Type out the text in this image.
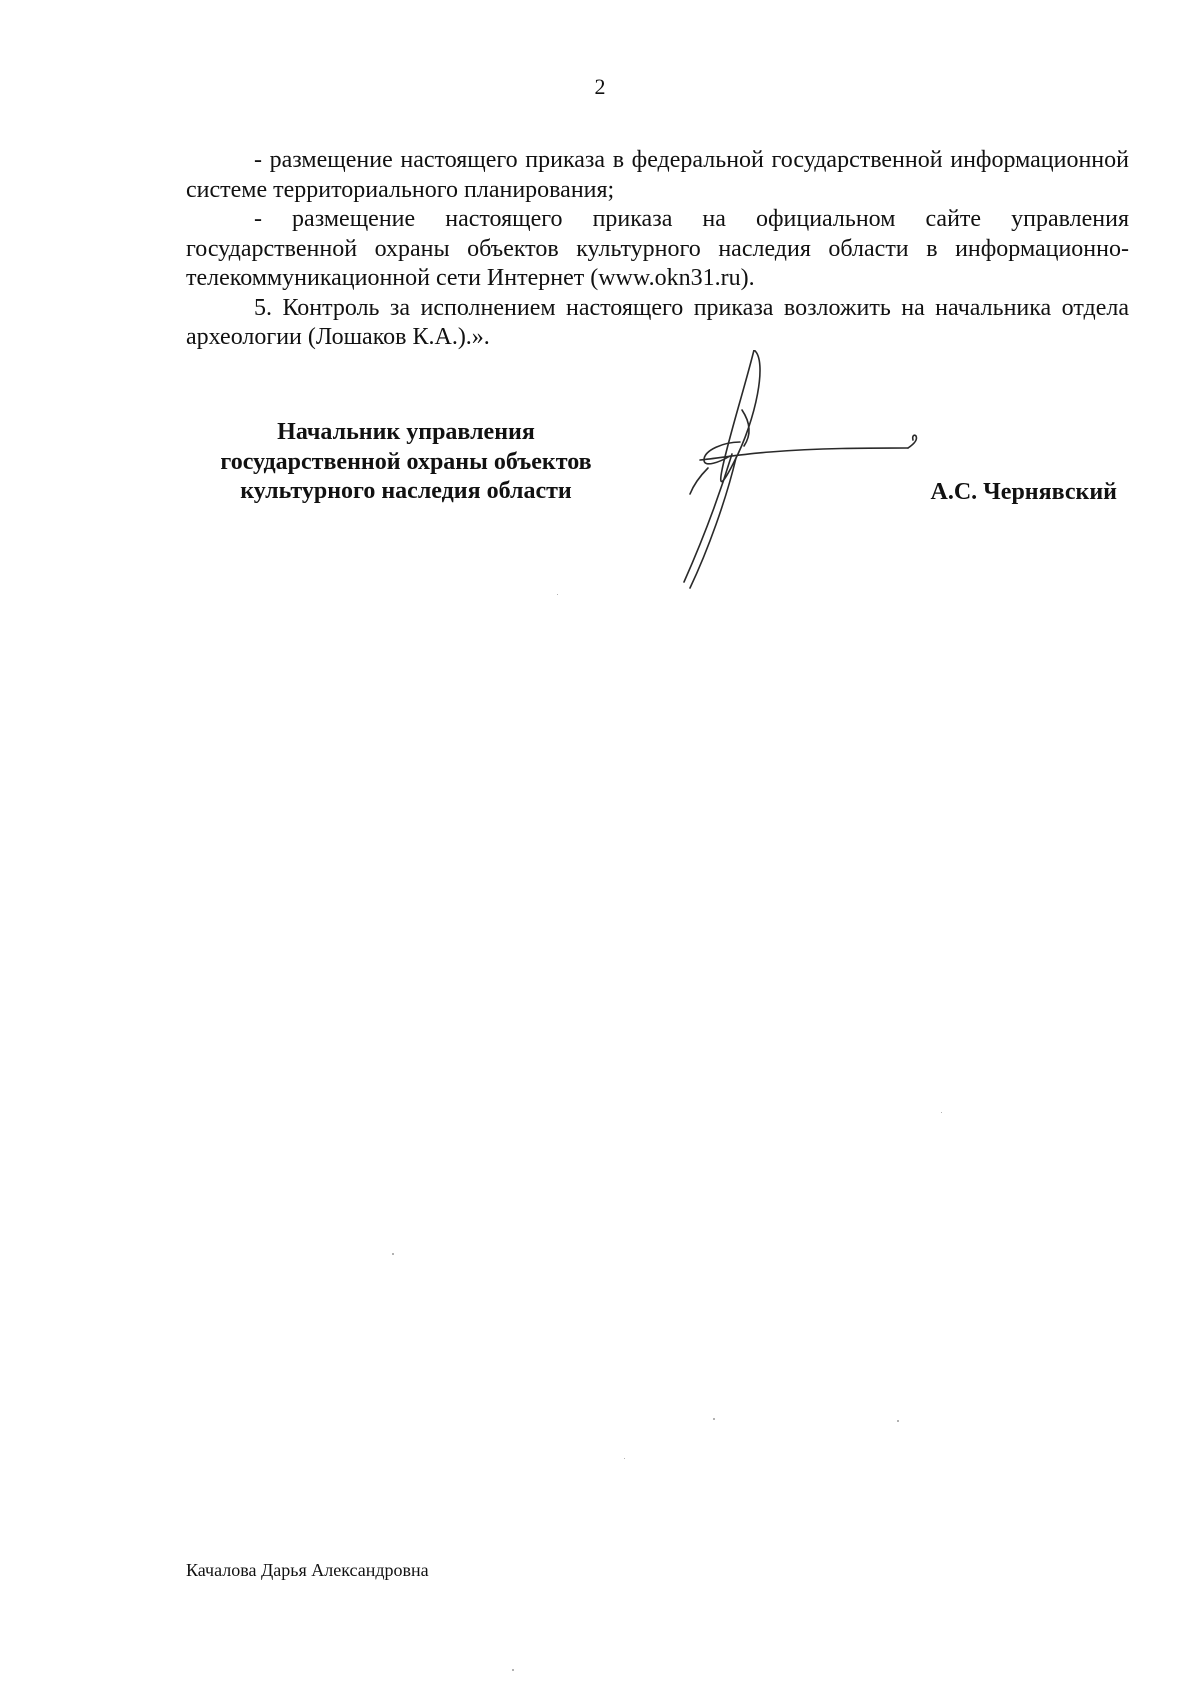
2

- размещение настоящего приказа в федеральной государственной информационной системе территориального планирования;

- размещение настоящего приказа на официальном сайте управления государственной охраны объектов культурного наследия области в информационно-телекоммуникационной сети Интернет (www.okn31.ru).

5. Контроль за исполнением настоящего приказа возложить на начальника отдела археологии (Лошаков К.А.).».

Начальник управления
государственной охраны объектов
культурного наследия области	А.С. Чернявский
Качалова Дарья Александровна
